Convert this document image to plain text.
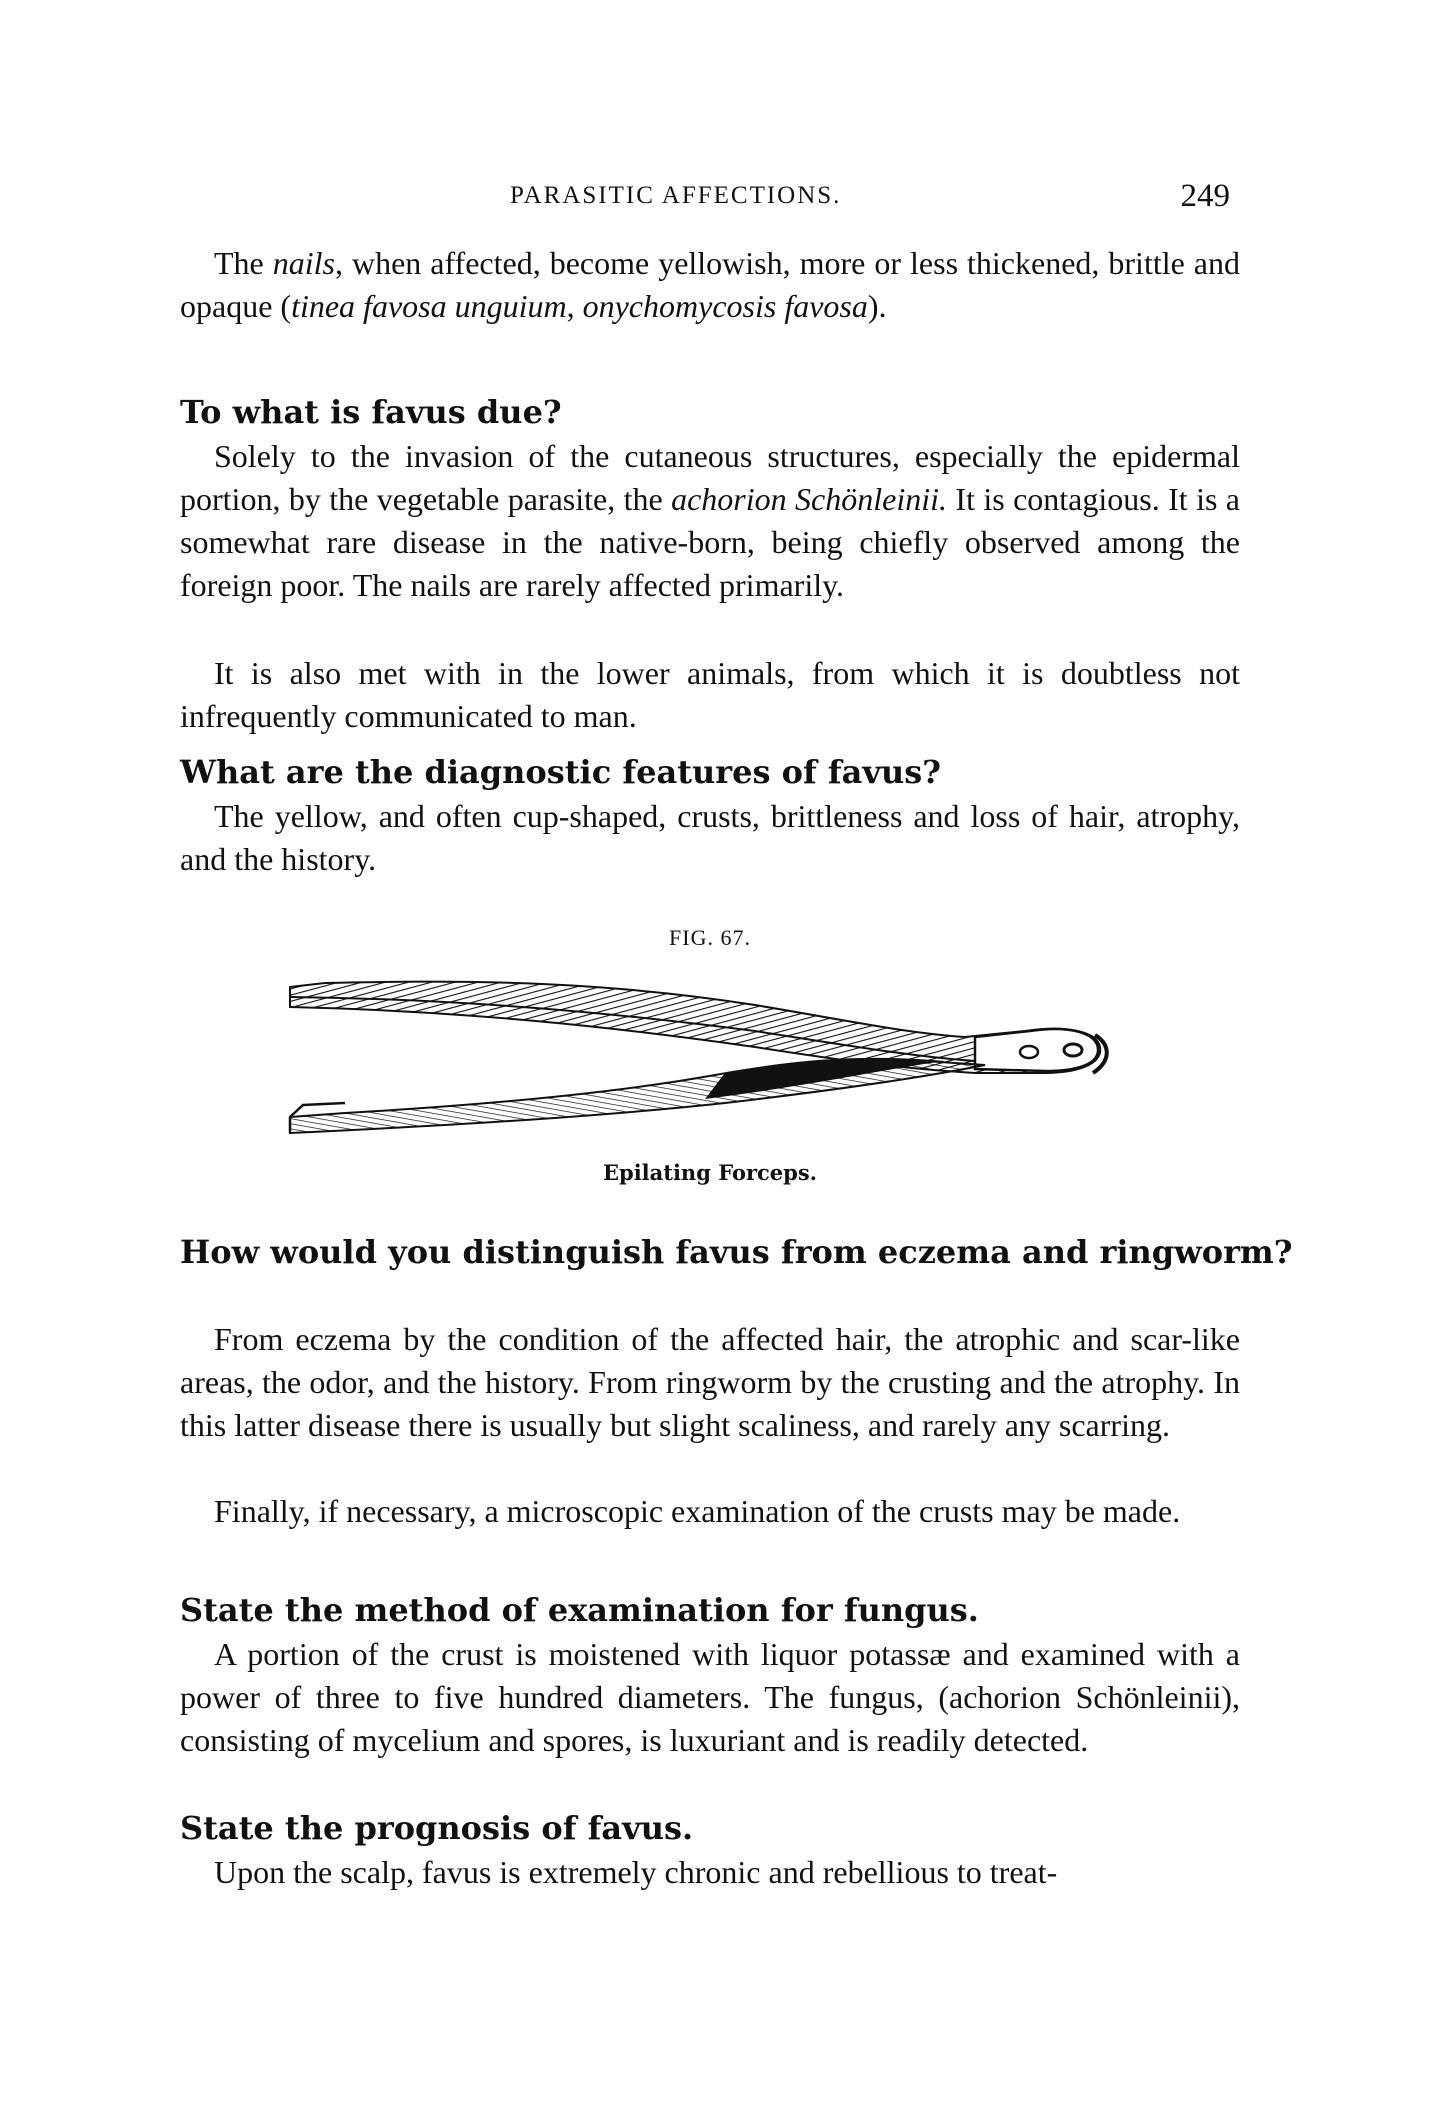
PARASITIC AFFECTIONS.	249

The nails, when affected, become yellowish, more or less thickened, brittle and opaque (tinea favosa unguium, onychomycosis favosa).

To what is favus due?

Solely to the invasion of the cutaneous structures, especially the epidermal portion, by the vegetable parasite, the achorion Schönleinii. It is contagious. It is a somewhat rare disease in the native-born, being chiefly observed among the foreign poor. The nails are rarely affected primarily.

It is also met with in the lower animals, from which it is doubtless not infrequently communicated to man.

What are the diagnostic features of favus?

The yellow, and often cup-shaped, crusts, brittleness and loss of hair, atrophy, and the history.

FIG. 67.
Epilating Forceps.
How would you distinguish favus from eczema and ringworm?

From eczema by the condition of the affected hair, the atrophic and scar-like areas, the odor, and the history. From ringworm by the crusting and the atrophy. In this latter disease there is usually but slight scaliness, and rarely any scarring.

Finally, if necessary, a microscopic examination of the crusts may be made.

State the method of examination for fungus.

A portion of the crust is moistened with liquor potassæ and examined with a power of three to five hundred diameters. The fungus, (achorion Schönleinii), consisting of mycelium and spores, is luxuriant and is readily detected.

State the prognosis of favus.

Upon the scalp, favus is extremely chronic and rebellious to treat-
